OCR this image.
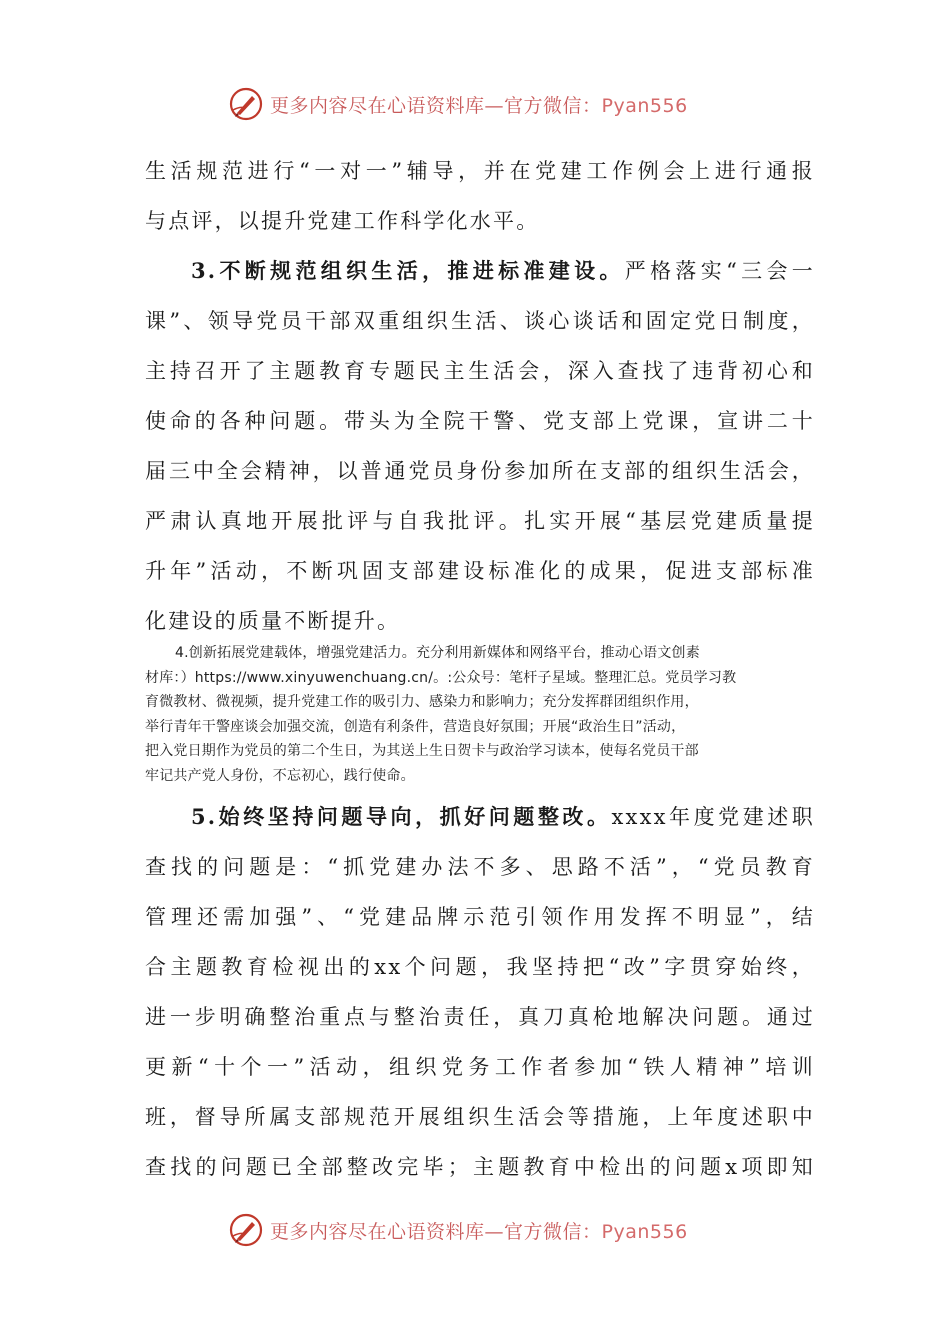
更多内容尽在心语资料库—官方微信：Pyan556
生活规范进行“一对一”辅导，并在党建工作例会上进行通报
与点评，以提升党建工作科学化水平。
3.不断规范组织生活，推进标准建设。严格落实“三会一
课”、领导党员干部双重组织生活、谈心谈话和固定党日制度，
主持召开了主题教育专题民主生活会，深入查找了违背初心和
使命的各种问题。带头为全院干警、党支部上党课，宣讲二十
届三中全会精神，以普通党员身份参加所在支部的组织生活会，
严肃认真地开展批评与自我批评。扎实开展“基层党建质量提
升年”活动，不断巩固支部建设标准化的成果，促进支部标准
化建设的质量不断提升。
4.创新拓展党建载体，增强党建活力。充分利用新媒体和网络平台，推动心语文创素
材库：）https://www.xinyuwenchuang.cn/。:公众号：笔杆子星域。整理汇总。党员学习教
育微教材、微视频，提升党建工作的吸引力、感染力和影响力；充分发挥群团组织作用，
举行青年干警座谈会加强交流，创造有利条件，营造良好氛围；开展“政治生日”活动，
把入党日期作为党员的第二个生日，为其送上生日贺卡与政治学习读本，使每名党员干部
牢记共产党人身份，不忘初心，践行使命。
5.始终坚持问题导向，抓好问题整改。xxxx年度党建述职
查找的问题是：“抓党建办法不多、思路不活”，“党员教育
管理还需加强”、“党建品牌示范引领作用发挥不明显”，结
合主题教育检视出的xx个问题，我坚持把“改”字贯穿始终，
进一步明确整治重点与整治责任，真刀真枪地解决问题。通过
更新“十个一”活动，组织党务工作者参加“铁人精神”培训
班，督导所属支部规范开展组织生活会等措施，上年度述职中
查找的问题已全部整改完毕；主题教育中检出的问题x项即知
更多内容尽在心语资料库—官方微信：Pyan556
